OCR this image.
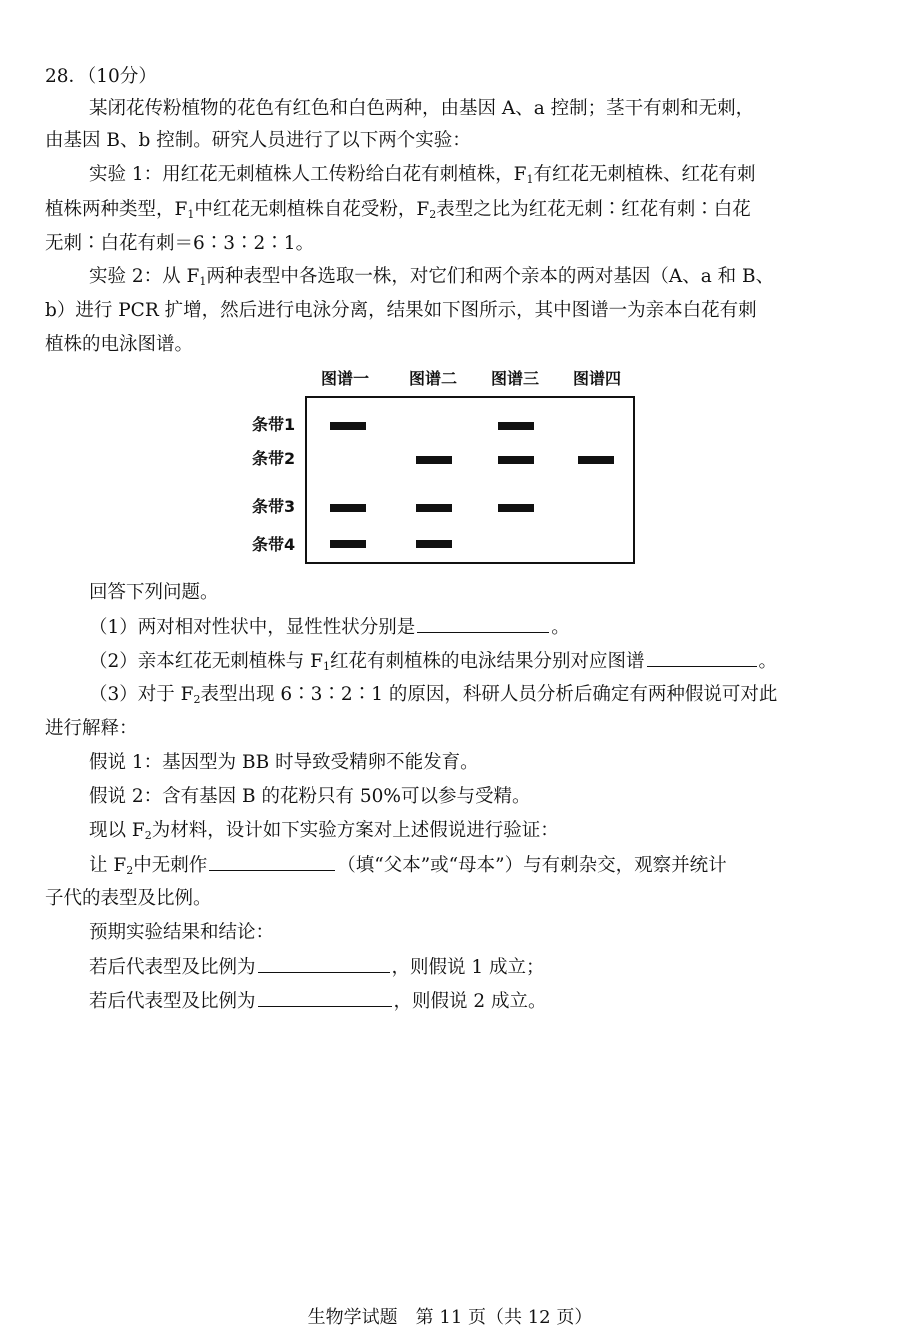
28．（10分）
某闭花传粉植物的花色有红色和白色两种，由基因 A、a 控制；茎干有刺和无刺，
由基因 B、b 控制。研究人员进行了以下两个实验：
实验 1：用红花无刺植株人工传粉给白花有刺植株，$F_1$有红花无刺植株、红花有刺
植株两种类型，$F_1$中红花无刺植株自花受粉，$F_2$表型之比为红花无刺∶红花有刺∶白花
无刺∶白花有刺＝6∶3∶2∶1。
实验 2：从 $F_1$两种表型中各选取一株，对它们和两个亲本的两对基因（A、a 和 B、
b）进行 PCR 扩增，然后进行电泳分离，结果如下图所示，其中图谱一为亲本白花有刺
植株的电泳图谱。
图谱一 图谱二 图谱三 图谱四
条带1
条带2
条带3
条带4
回答下列问题。
（1）两对相对性状中，显性性状分别是	。
（2）亲本红花无刺植株与 $F_1$红花有刺植株的电泳结果分别对应图谱	。
（3）对于 $F_2$表型出现 6∶3∶2∶1 的原因，科研人员分析后确定有两种假说可对此
进行解释：
假说 1：基因型为 BB 时导致受精卵不能发育。
假说 2：含有基因 B 的花粉只有 50%可以参与受精。
现以 $F_2$为材料，设计如下实验方案对上述假说进行验证：
让 $F_2$中无刺作	（填“父本”或“母本”）与有刺杂交，观察并统计
子代的表型及比例。
预期实验结果和结论：
若后代表型及比例为	，则假说 1 成立；
若后代表型及比例为	，则假说 2 成立。
生物学试题　第 11 页（共 12 页）
